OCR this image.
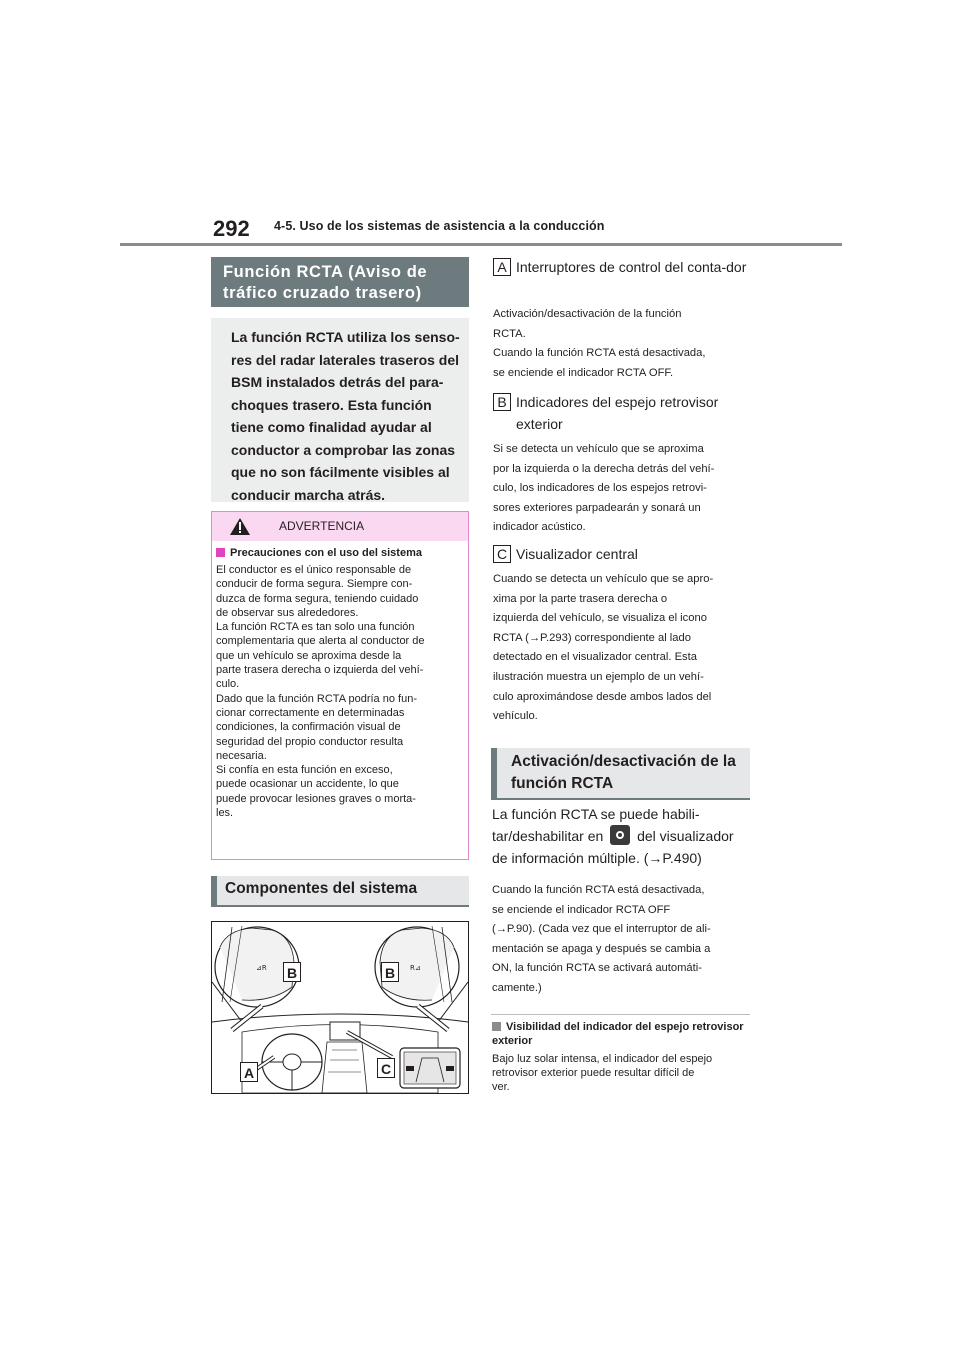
292 4-5. Uso de los sistemas de asistencia a la conducción
Función RCTA (Aviso de tráfico cruzado trasero)
La función RCTA utiliza los senso-res del radar laterales traseros del BSM instalados detrás del para-choques trasero. Esta función tiene como finalidad ayudar al conductor a comprobar las zonas que no son fácilmente visibles al conducir marcha atrás.
ADVERTENCIA
Precauciones con el uso del sistema
El conductor es el único responsable de
conducir de forma segura. Siempre con-
duzca de forma segura, teniendo cuidado
de observar sus alrededores.
La función RCTA es tan solo una función
complementaria que alerta al conductor de
que un vehículo se aproxima desde la
parte trasera derecha o izquierda del vehí-
culo.
Dado que la función RCTA podría no fun-
cionar correctamente en determinadas
condiciones, la confirmación visual de
seguridad del propio conductor resulta
necesaria.
Si confía en esta función en exceso,
puede ocasionar un accidente, lo que
puede provocar lesiones graves o morta-
les.
Componentes del sistema
⊿R	R⊿
B	B
A	C
A Interruptores de control del conta-dor
Activación/desactivación de la función
RCTA.
Cuando la función RCTA está desactivada,
se enciende el indicador RCTA OFF.
B Indicadores del espejo retrovisor exterior
Si se detecta un vehículo que se aproxima
por la izquierda o la derecha detrás del vehí-
culo, los indicadores de los espejos retrovi-
sores exteriores parpadearán y sonará un
indicador acústico.
C Visualizador central
Cuando se detecta un vehículo que se apro-
xima por la parte trasera derecha o
izquierda del vehículo, se visualiza el icono
RCTA (→P.293) correspondiente al lado
detectado en el visualizador central. Esta
ilustración muestra un ejemplo de un vehí-
culo aproximándose desde ambos lados del
vehículo.
Activación/desactivación de la función RCTA
La función RCTA se puede habili-tar/deshabilitar en del visualizador de información múltiple. (→P.490)
Cuando la función RCTA está desactivada,
se enciende el indicador RCTA OFF
(→P.90). (Cada vez que el interruptor de ali-
mentación se apaga y después se cambia a
ON, la función RCTA se activará automáti-
camente.)
Visibilidad del indicador del espejo retrovisor exterior
Bajo luz solar intensa, el indicador del espejo
retrovisor exterior puede resultar difícil de
ver.
